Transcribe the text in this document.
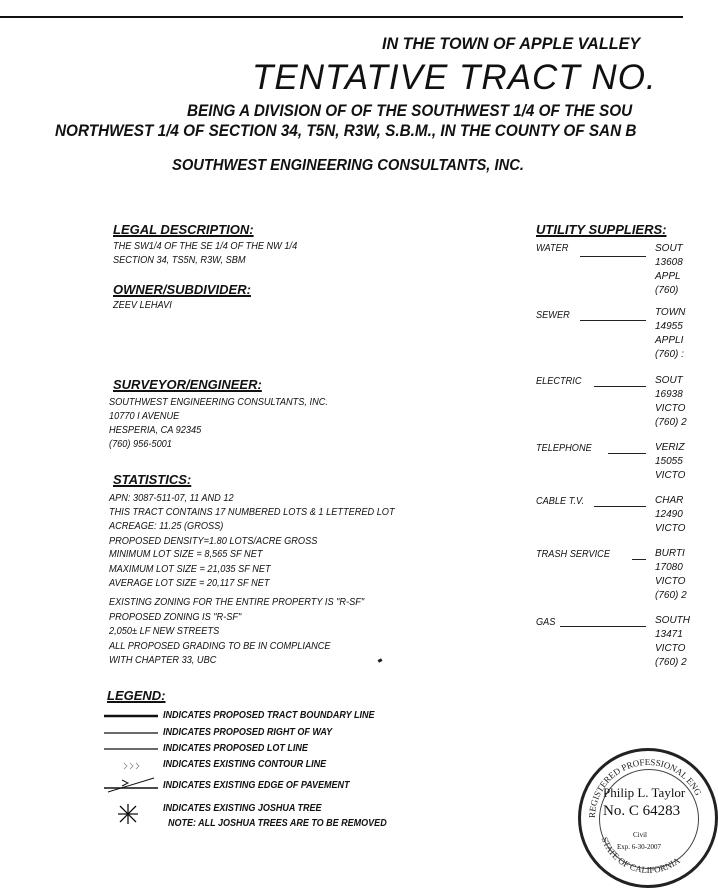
IN THE TOWN OF APPLE VALLEY
TENTATIVE TRACT NO.
BEING A DIVISION OF OF THE SOUTHWEST 1/4 OF THE SOU
NORTHWEST 1/4 OF SECTION 34, T5N, R3W, S.B.M., IN THE COUNTY OF SAN B
SOUTHWEST ENGINEERING CONSULTANTS, INC.
LEGAL DESCRIPTION:
THE SW1/4 OF THE SE 1/4 OF THE NW 1/4
SECTION 34, TS5N, R3W, SBM
OWNER/SUBDIVIDER:
ZEEV LEHAVI
SURVEYOR/ENGINEER:
SOUTHWEST ENGINEERING CONSULTANTS, INC.
10770 I AVENUE
HESPERIA, CA 92345
(760) 956-5001
STATISTICS:
APN: 3087-511-07, 11 AND 12
THIS TRACT CONTAINS 17 NUMBERED LOTS & 1 LETTERED LOT
ACREAGE: 11.25 (GROSS)
PROPOSED DENSITY=1.80 LOTS/ACRE GROSS
MINIMUM LOT SIZE = 8,565 SF NET
MAXIMUM LOT SIZE = 21,035 SF NET
AVERAGE LOT SIZE = 20,117 SF NET
EXISTING ZONING FOR THE ENTIRE PROPERTY IS "R-SF"
PROPOSED ZONING IS "R-SF"
2,050± LF NEW STREETS
ALL PROPOSED GRADING TO BE IN COMPLIANCE
WITH CHAPTER 33, UBC
UTILITY SUPPLIERS:
WATER	SOUT
13608
APPL
(760)
SEWER	TOWN
14955
APPLI
(760) :
ELECTRIC	SOUT
16938
VICTO
(760) 2
TELEPHONE	VERIZ
15055
VICTO
CABLE T.V.	CHAR
12490
VICTO
TRASH SERVICE	BURTI
17080
VICTO
(760) 2
GAS	SOUTH
13471
VICTO
(760) 2
LEGEND:
INDICATES PROPOSED TRACT BOUNDARY LINE
INDICATES PROPOSED RIGHT OF WAY
INDICATES PROPOSED LOT LINE
INDICATES EXISTING CONTOUR LINE
INDICATES EXISTING EDGE OF PAVEMENT
INDICATES EXISTING JOSHUA TREE
NOTE: ALL JOSHUA TREES ARE TO BE REMOVED
REGISTERED PROFESSIONAL ENG
STATE OF CALIFORNIA
Philip L. Taylor
No. C 64283
Civil
Exp. 6-30-2007
